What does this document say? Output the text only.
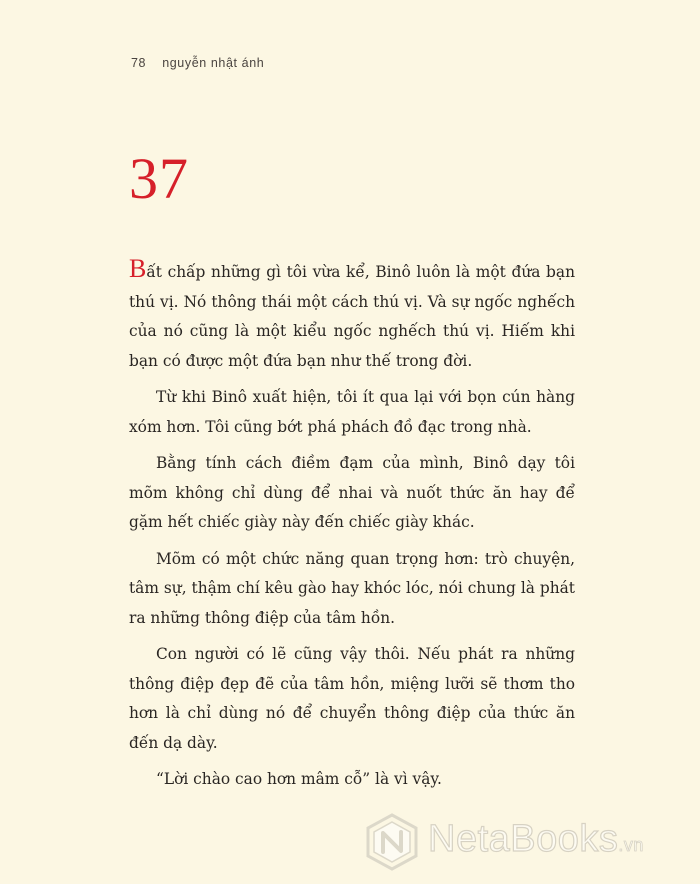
78 nguyễn nhật ánh
37

Bất chấp những gì tôi vừa kể, Binô luôn là một đứa bạn thú vị. Nó thông thái một cách thú vị. Và sự ngốc nghếch của nó cũng là một kiểu ngốc nghếch thú vị. Hiếm khi bạn có được một đứa bạn như thế trong đời.

Từ khi Binô xuất hiện, tôi ít qua lại với bọn cún hàng xóm hơn. Tôi cũng bớt phá phách đồ đạc trong nhà.

Bằng tính cách điềm đạm của mình, Binô dạy tôi mõm không chỉ dùng để nhai và nuốt thức ăn hay để gặm hết chiếc giày này đến chiếc giày khác.

Mõm có một chức năng quan trọng hơn: trò chuyện, tâm sự, thậm chí kêu gào hay khóc lóc, nói chung là phát ra những thông điệp của tâm hồn.

Con người có lẽ cũng vậy thôi. Nếu phát ra những thông điệp đẹp đẽ của tâm hồn, miệng lưỡi sẽ thơm tho hơn là chỉ dùng nó để chuyển thông điệp của thức ăn đến dạ dày.

“Lời chào cao hơn mâm cỗ” là vì vậy.

NetaBooks.vn
